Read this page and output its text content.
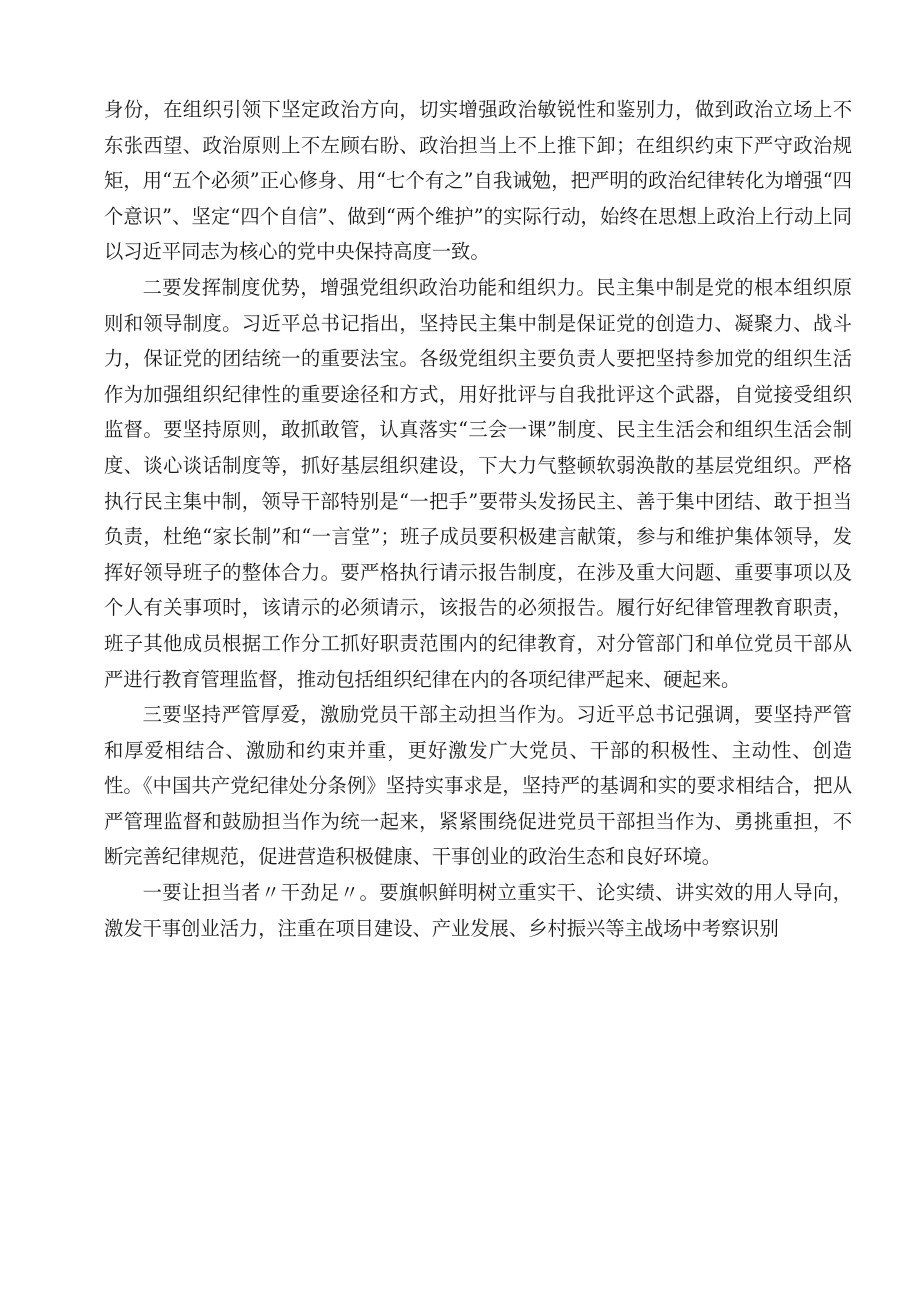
身份，在组织引领下坚定政治方向，切实增强政治敏锐性和鉴别力，做到政治立场上不东张西望、政治原则上不左顾右盼、政治担当上不上推下卸；在组织约束下严守政治规矩，用“五个必须”正心修身、用“七个有之”自我诫勉，把严明的政治纪律转化为增强“四个意识”、坚定“四个自信”、做到“两个维护”的实际行动，始终在思想上政治上行动上同以习近平同志为核心的党中央保持高度一致。

二要发挥制度优势，增强党组织政治功能和组织力。民主集中制是党的根本组织原则和领导制度。习近平总书记指出，坚持民主集中制是保证党的创造力、凝聚力、战斗力，保证党的团结统一的重要法宝。各级党组织主要负责人要把坚持参加党的组织生活作为加强组织纪律性的重要途径和方式，用好批评与自我批评这个武器，自觉接受组织监督。要坚持原则，敢抓敢管，认真落实“三会一课”制度、民主生活会和组织生活会制度、谈心谈话制度等，抓好基层组织建设，下大力气整顿软弱涣散的基层党组织。严格执行民主集中制，领导干部特别是“一把手”要带头发扬民主、善于集中团结、敢于担当负责，杜绝“家长制”和“一言堂”；班子成员要积极建言献策，参与和维护集体领导，发挥好领导班子的整体合力。要严格执行请示报告制度，在涉及重大问题、重要事项以及个人有关事项时，该请示的必须请示，该报告的必须报告。履行好纪律管理教育职责，班子其他成员根据工作分工抓好职责范围内的纪律教育，对分管部门和单位党员干部从严进行教育管理监督，推动包括组织纪律在内的各项纪律严起来、硬起来。

三要坚持严管厚爱，激励党员干部主动担当作为。习近平总书记强调，要坚持严管和厚爱相结合、激励和约束并重，更好激发广大党员、干部的积极性、主动性、创造性。《中国共产党纪律处分条例》坚持实事求是，坚持严的基调和实的要求相结合，把从严管理监督和鼓励担当作为统一起来，紧紧围绕促进党员干部担当作为、勇挑重担，不断完善纪律规范，促进营造积极健康、干事创业的政治生态和良好环境。

一要让担当者〃干劲足〃。要旗帜鲜明树立重实干、论实绩、讲实效的用人导向，激发干事创业活力，注重在项目建设、产业发展、乡村振兴等主战场中考察识别
